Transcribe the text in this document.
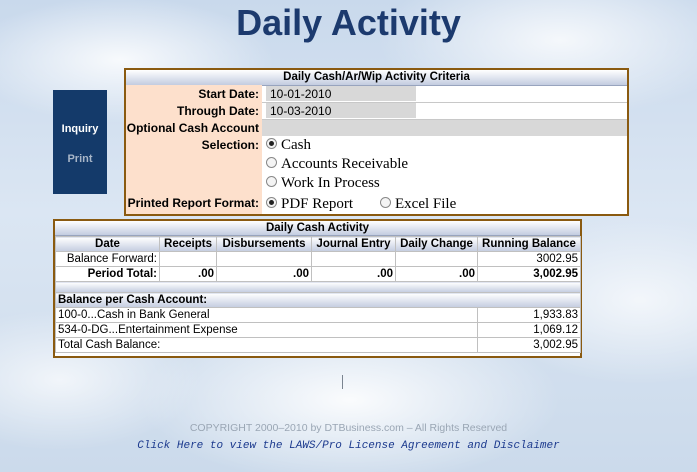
Daily Activity
Inquiry
Print
Daily Cash/Ar/Wip Activity Criteria
Start Date: 10-01-2010
Through Date: 10-03-2010
Optional Cash Account
Selection:	Cash
Accounts Receivable
Work In Process
Printed Report Format:	PDF Report	Excel File
Daily Cash Activity
Date	Receipts	Disbursements	Journal Entry	Daily Change	Running Balance
Balance Forward:					3002.95
Period Total:	.00	.00	.00	.00	3,002.95

Balance per Cash Account:					
100-0...Cash in Bank General					1,933.83
534-0-DG...Entertainment Expense					1,069.12
Total Cash Balance:					3,002.95
COPYRIGHT 2000–2010 by DTBusiness.com – All Rights Reserved
Click Here to view the LAWS/Pro License Agreement and Disclaimer
